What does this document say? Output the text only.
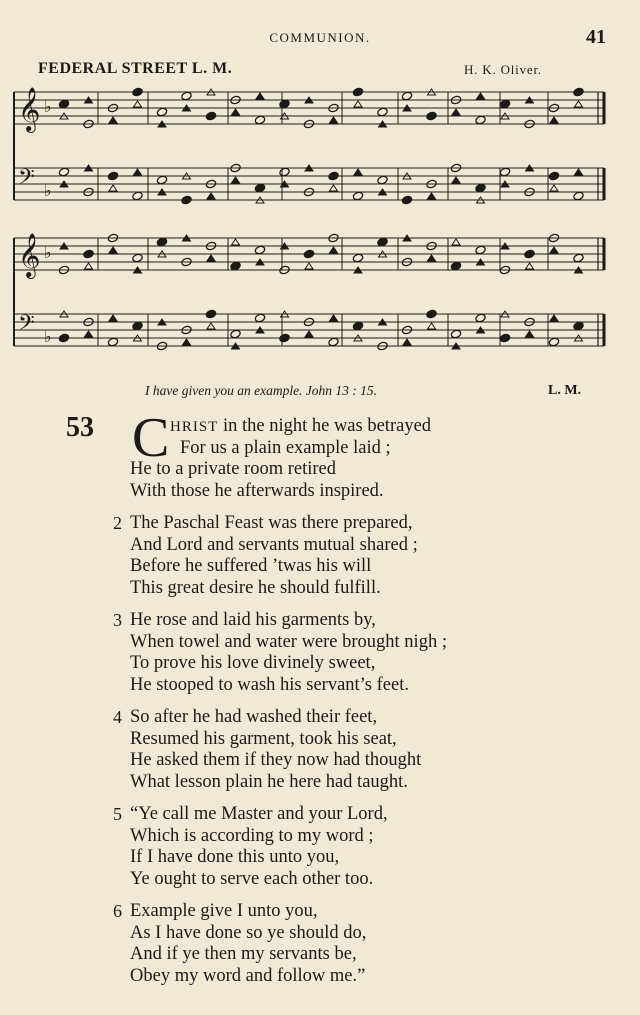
COMMUNION.	41
FEDERAL STREET L. M.	H. K. Oliver.
𝄞 ♭
𝄢 ♭
𝄞 ♭
𝄢 ♭
I have given you an example. John 13 : 15.	L. M.
53 C HRIST in the night he was betrayed
For us a plain example laid ;
He to a private room retired
With those he afterwards inspired.
2 The Paschal Feast was there prepared,
And Lord and servants mutual shared ;
Before he suffered ’twas his will
This great desire he should fulfill.
3 He rose and laid his garments by,
When towel and water were brought nigh ;
To prove his love divinely sweet,
He stooped to wash his servant’s feet.
4 So after he had washed their feet,
Resumed his garment, took his seat,
He asked them if they now had thought
What lesson plain he here had taught.
5 “Ye call me Master and your Lord,
Which is according to my word ;
If I have done this unto you,
Ye ought to serve each other too.
6 Example give I unto you,
As I have done so ye should do,
And if ye then my servants be,
Obey my word and follow me.”
